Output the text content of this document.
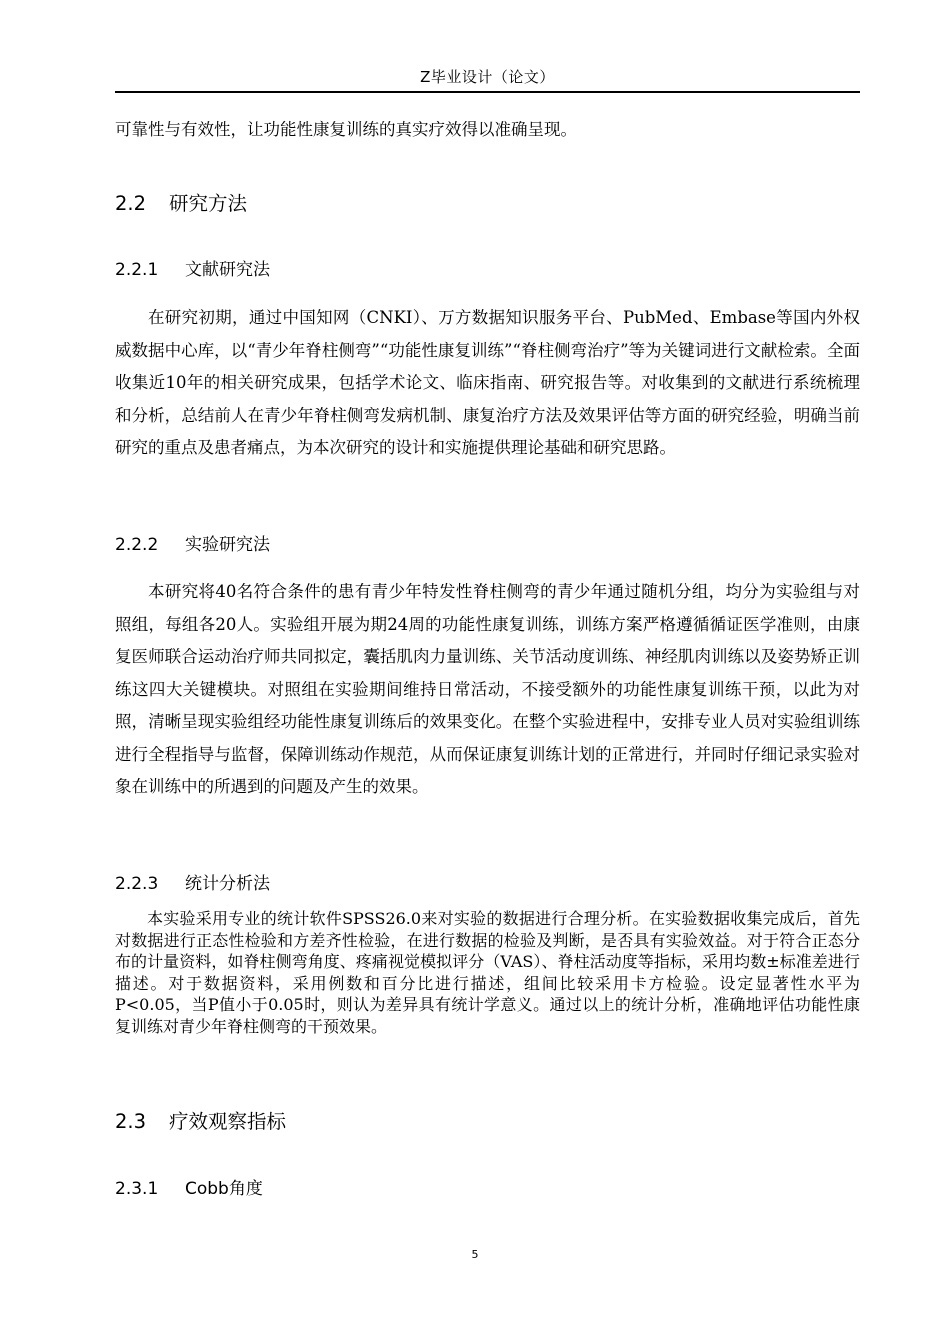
Z毕业设计（论文）

可靠性与有效性，让功能性康复训练的真实疗效得以准确呈现。

2.2 研究方法
2.2.1 文献研究法

在研究初期，通过中国知网（CNKI）、万方数据知识服务平台、PubMed、Embase等国内外权威数据中心库，以“青少年脊柱侧弯”“功能性康复训练”“脊柱侧弯治疗”等为关键词进行文献检索。全面收集近10年的相关研究成果，包括学术论文、临床指南、研究报告等。对收集到的文献进行系统梳理和分析，总结前人在青少年脊柱侧弯发病机制、康复治疗方法及效果评估等方面的研究经验，明确当前研究的重点及患者痛点，为本次研究的设计和实施提供理论基础和研究思路。

2.2.2 实验研究法

本研究将40名符合条件的患有青少年特发性脊柱侧弯的青少年通过随机分组，均分为实验组与对照组，每组各20人。实验组开展为期24周的功能性康复训练，训练方案严格遵循循证医学准则，由康复医师联合运动治疗师共同拟定，囊括肌肉力量训练、关节活动度训练、神经肌肉训练以及姿势矫正训练这四大关键模块。对照组在实验期间维持日常活动，不接受额外的功能性康复训练干预，以此为对照，清晰呈现实验组经功能性康复训练后的效果变化。在整个实验进程中，安排专业人员对实验组训练进行全程指导与监督，保障训练动作规范，从而保证康复训练计划的正常进行，并同时仔细记录实验对象在训练中的所遇到的问题及产生的效果。

2.2.3 统计分析法

本实验采用专业的统计软件SPSS26.0来对实验的数据进行合理分析。在实验数据收集完成后，首先对数据进行正态性检验和方差齐性检验，在进行数据的检验及判断，是否具有实验效益。对于符合正态分布的计量资料，如脊柱侧弯角度、疼痛视觉模拟评分（VAS）、脊柱活动度等指标，采用均数±标准差进行描述。对于数据资料，采用例数和百分比进行描述，组间比较采用卡方检验。设定显著性水平为P<0.05，当P值小于0.05时，则认为差异具有统计学意义。通过以上的统计分析，准确地评估功能性康复训练对青少年脊柱侧弯的干预效果。

2.3 疗效观察指标
2.3.1 Cobb角度
5
